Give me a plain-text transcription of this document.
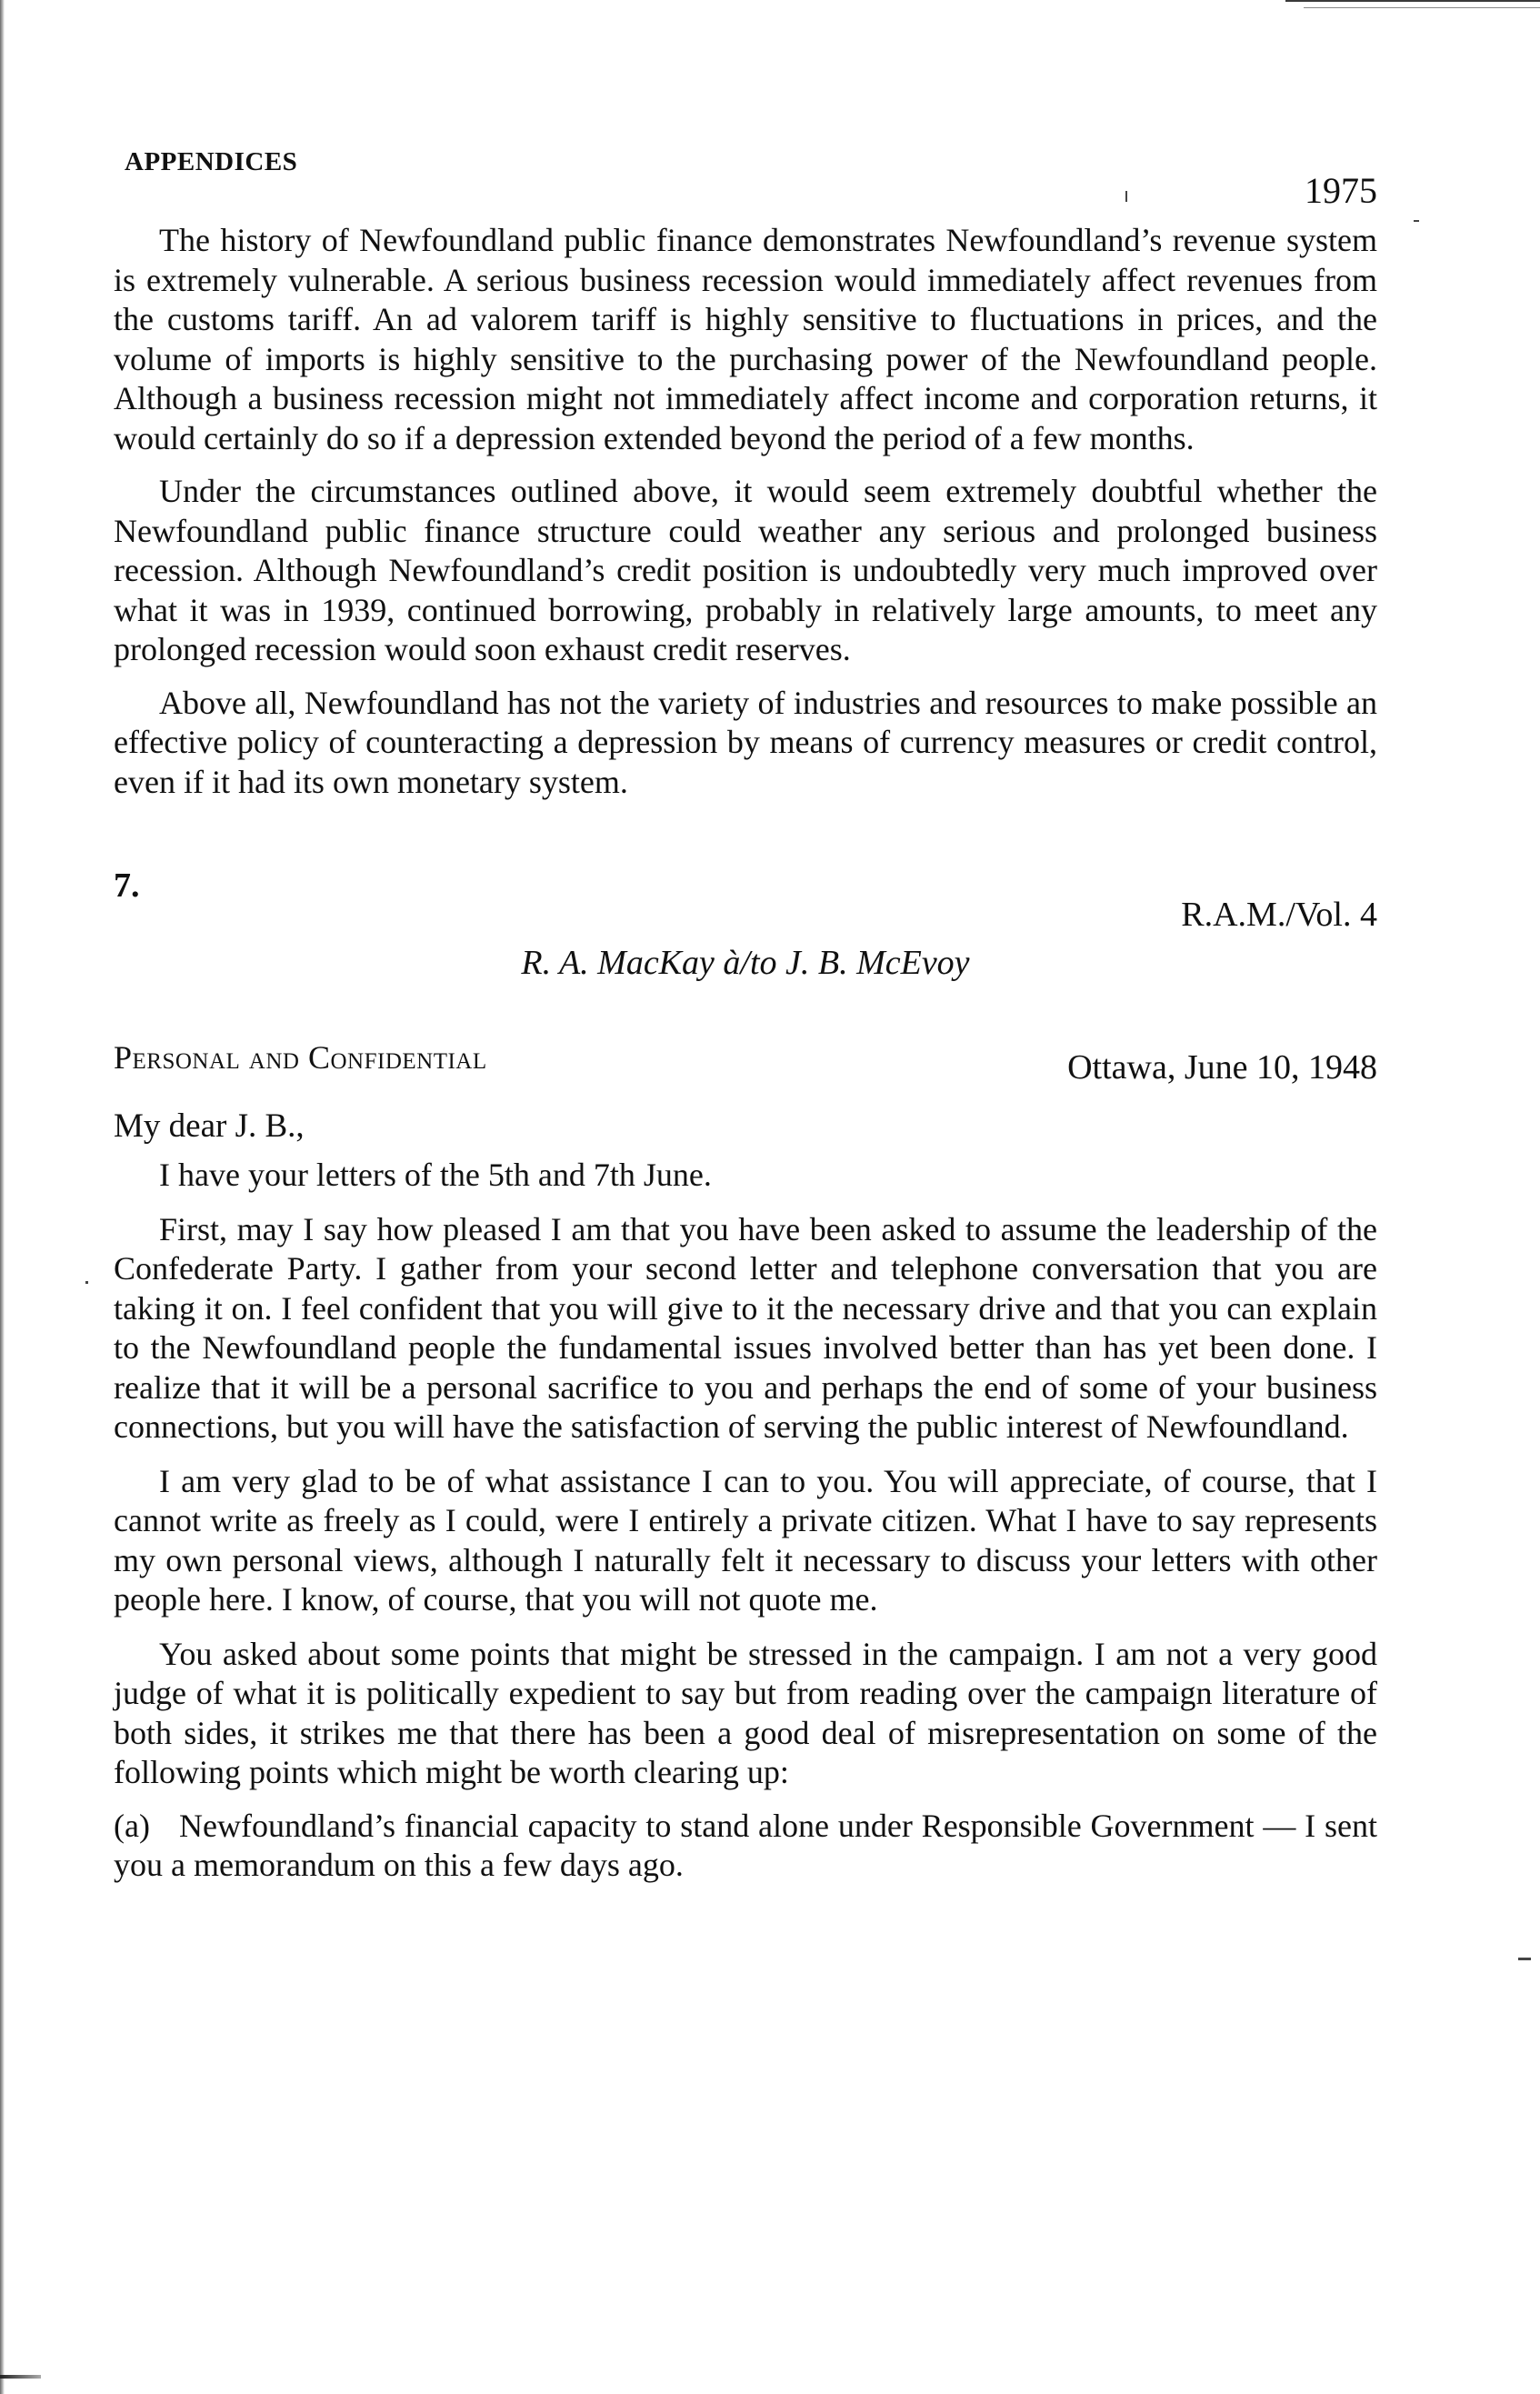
APPENDICES
1975

The history of Newfoundland public finance demonstrates Newfoundland’s revenue system is extremely vulnerable. A serious business recession would immediately affect revenues from the customs tariff. An ad valorem tariff is highly sensitive to fluctuations in prices, and the volume of imports is highly sensitive to the purchasing power of the Newfoundland people. Although a business recession might not immediately affect income and corporation returns, it would certainly do so if a depression extended beyond the period of a few months.

Under the circumstances outlined above, it would seem extremely doubtful whether the Newfoundland public finance structure could weather any serious and prolonged business recession. Although Newfoundland’s credit position is undoubtedly very much improved over what it was in 1939, continued borrowing, probably in relatively large amounts, to meet any prolonged recession would soon exhaust credit reserves.

Above all, Newfoundland has not the variety of industries and resources to make possible an effective policy of counteracting a depression by means of currency measures or credit control, even if it had its own monetary system.

7.
R.A.M./Vol. 4
R. A. MacKay à/to J. B. McEvoy
Personal and Confidential	Ottawa, June 10, 1948
My dear J. B.,

I have your letters of the 5th and 7th June.

First, may I say how pleased I am that you have been asked to assume the leadership of the Confederate Party. I gather from your second letter and telephone conversation that you are taking it on. I feel confident that you will give to it the necessary drive and that you can explain to the Newfoundland people the fundamental issues involved better than has yet been done. I realize that it will be a personal sacrifice to you and perhaps the end of some of your business connections, but you will have the satisfaction of serving the public interest of Newfoundland.

I am very glad to be of what assistance I can to you. You will appreciate, of course, that I cannot write as freely as I could, were I entirely a private citizen. What I have to say represents my own personal views, although I naturally felt it necessary to discuss your letters with other people here. I know, of course, that you will not quote me.

You asked about some points that might be stressed in the campaign. I am not a very good judge of what it is politically expedient to say but from reading over the campaign literature of both sides, it strikes me that there has been a good deal of misrepresentation on some of the following points which might be worth clearing up:

(a) Newfoundland’s financial capacity to stand alone under Responsible Government — I sent you a memorandum on this a few days ago.
